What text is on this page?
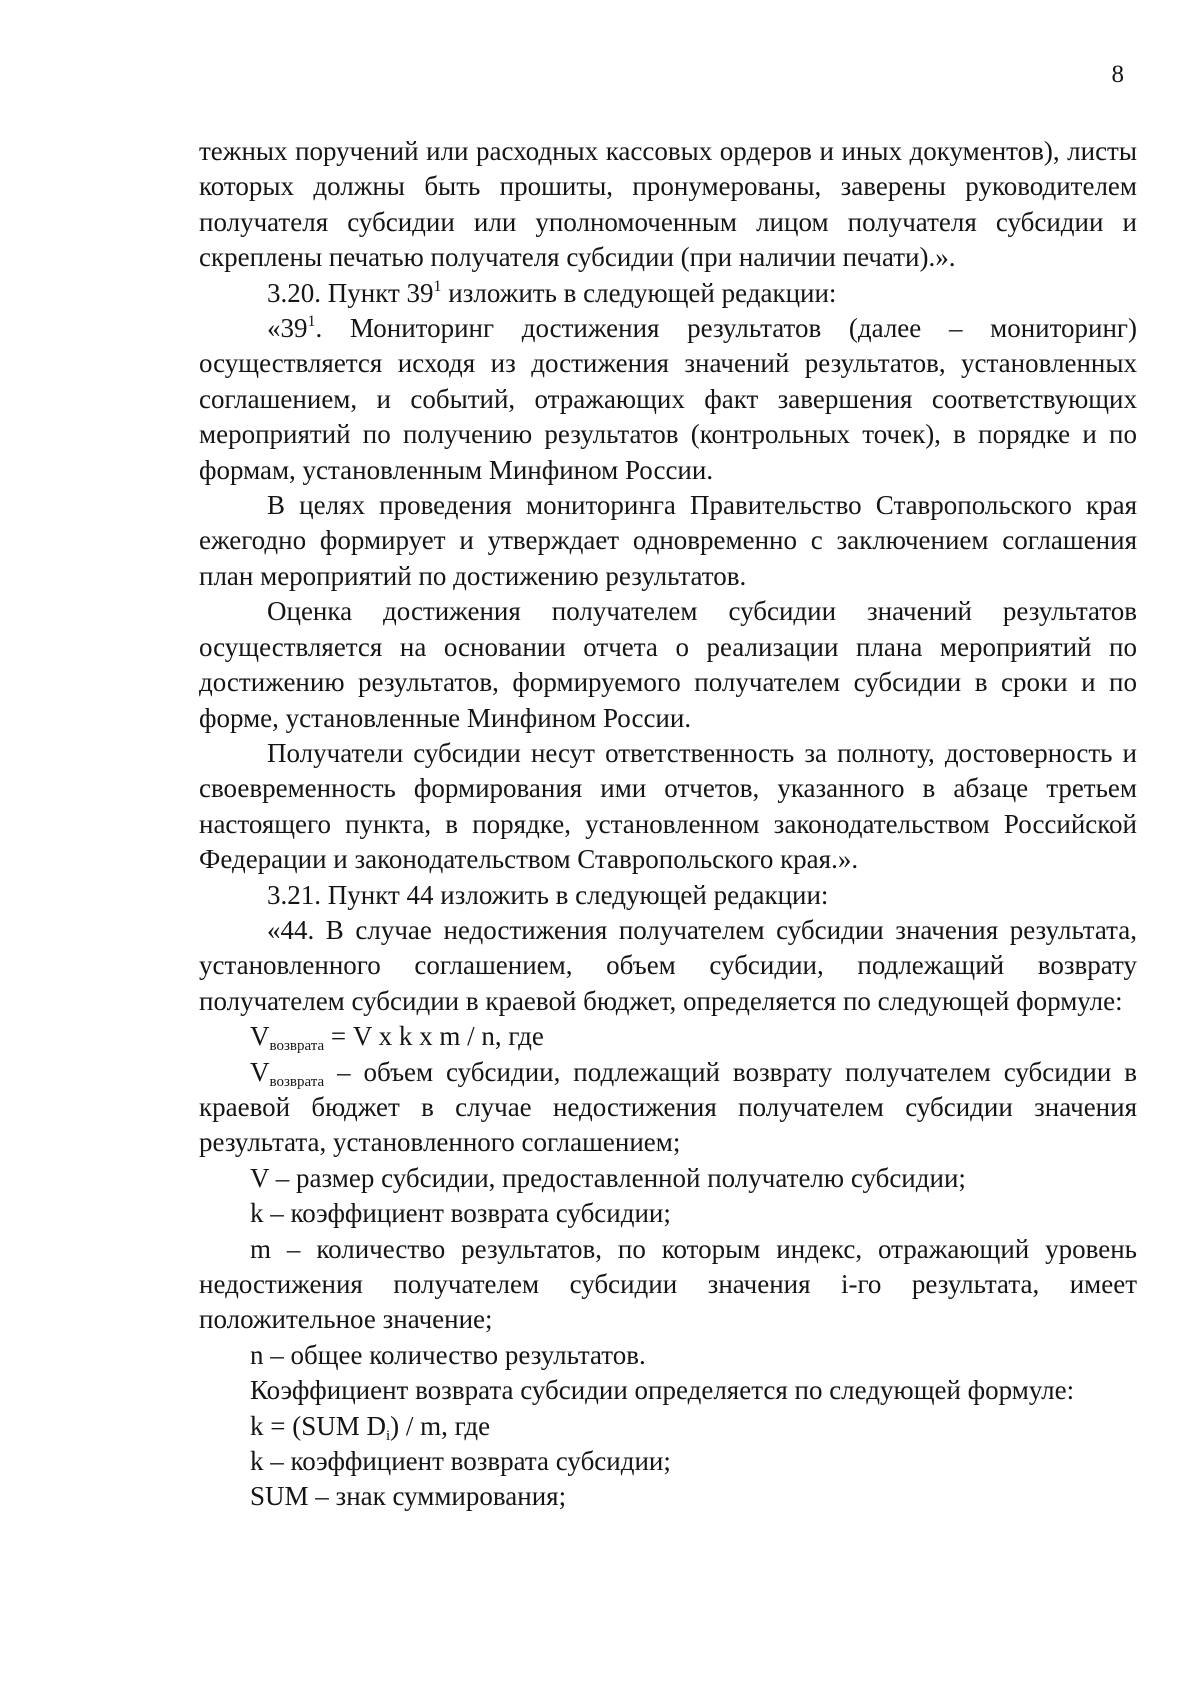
8

тежных поручений или расходных кассовых ордеров и иных документов), листы которых должны быть прошиты, пронумерованы, заверены руководителем получателя субсидии или уполномоченным лицом получателя субсидии и скреплены печатью получателя субсидии (при наличии печати).».

3.20. Пункт $39^1$ изложить в следующей редакции:

«$39^1$. Мониторинг достижения результатов (далее – мониторинг) осуществляется исходя из достижения значений результатов, установленных соглашением, и событий, отражающих факт завершения соответствующих мероприятий по получению результатов (контрольных точек), в порядке и по формам, установленным Минфином России.

В целях проведения мониторинга Правительство Ставропольского края ежегодно формирует и утверждает одновременно с заключением соглашения план мероприятий по достижению результатов.

Оценка достижения получателем субсидии значений результатов осуществляется на основании отчета о реализации плана мероприятий по достижению результатов, формируемого получателем субсидии в сроки и по форме, установленные Минфином России.

Получатели субсидии несут ответственность за полноту, достоверность и своевременность формирования ими отчетов, указанного в абзаце третьем настоящего пункта, в порядке, установленном законодательством Российской Федерации и законодательством Ставропольского края.».

3.21. Пункт 44 изложить в следующей редакции:

«44. В случае недостижения получателем субсидии значения результата, установленного соглашением, объем субсидии, подлежащий возврату получателем субсидии в краевой бюджет, определяется по следующей формуле:

$V_{возврата} = V$ x k x m / n, где

$V_{возврата}$ – объем субсидии, подлежащий возврату получателем субсидии в краевой бюджет в случае недостижения получателем субсидии значения результата, установленного соглашением;

V – размер субсидии, предоставленной получателю субсидии;

k – коэффициент возврата субсидии;

m – количество результатов, по которым индекс, отражающий уровень недостижения получателем субсидии значения i-го результата, имеет положительное значение;

n – общее количество результатов.

Коэффициент возврата субсидии определяется по следующей формуле:

k = (SUM $D_i$) / m, где

k – коэффициент возврата субсидии;

SUM – знак суммирования;
